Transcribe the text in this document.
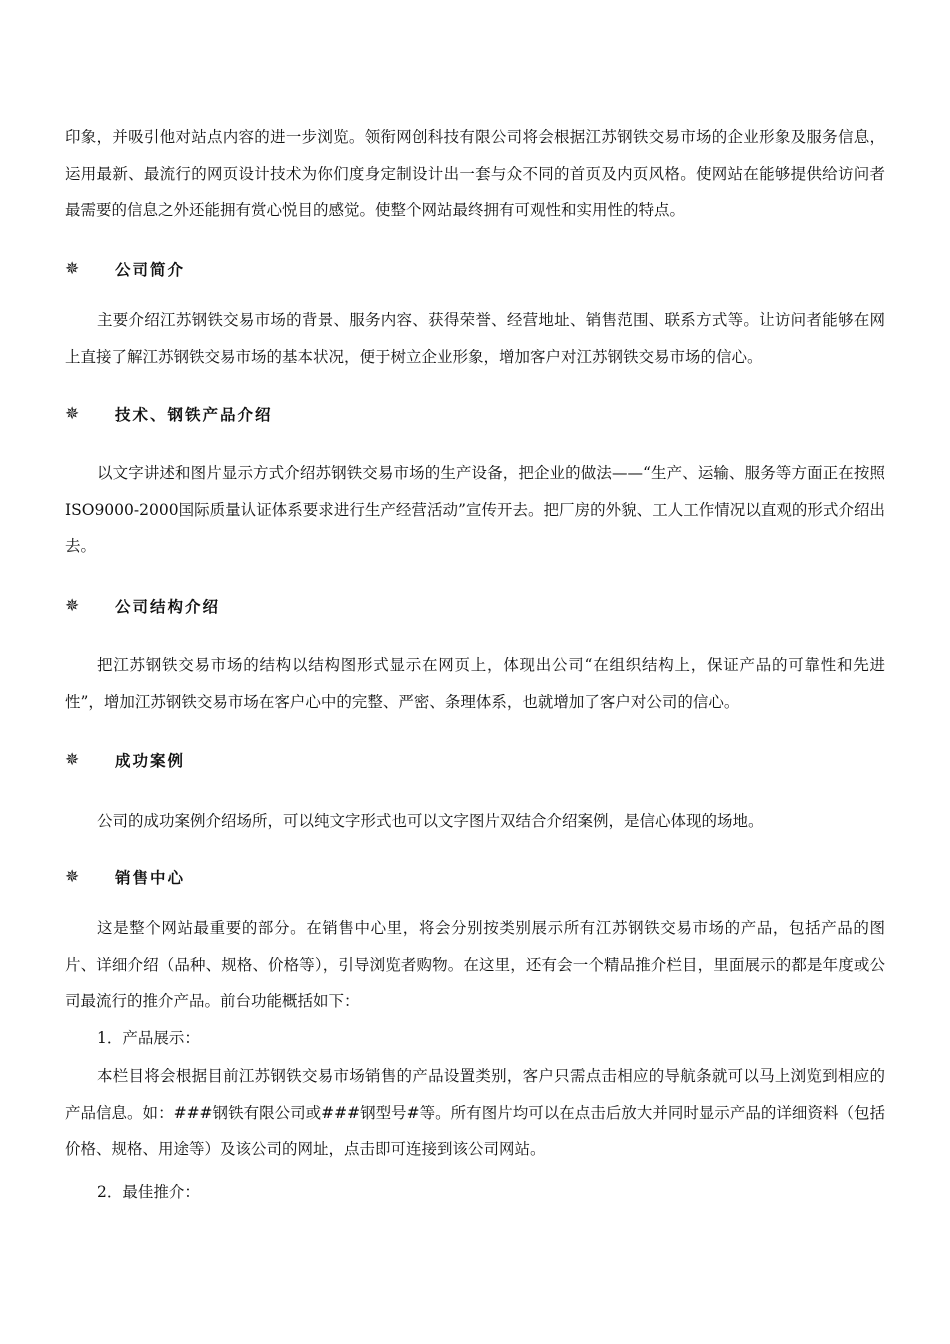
印象，并吸引他对站点内容的进一步浏览。领衔网创科技有限公司将会根据江苏钢铁交易市场的企业形象及服务信息，运用最新、最流行的网页设计技术为你们度身定制设计出一套与众不同的首页及内页风格。使网站在能够提供给访问者最需要的信息之外还能拥有赏心悦目的感觉。使整个网站最终拥有可观性和实用性的特点。

✵	公司简介

主要介绍江苏钢铁交易市场的背景、服务内容、获得荣誉、经营地址、销售范围、联系方式等。让访问者能够在网上直接了解江苏钢铁交易市场的基本状况，便于树立企业形象，增加客户对江苏钢铁交易市场的信心。

✵	技术、钢铁产品介绍

以文字讲述和图片显示方式介绍苏钢铁交易市场的生产设备，把企业的做法——“生产、运输、服务等方面正在按照ISO9000-2000国际质量认证体系要求进行生产经营活动”宣传开去。把厂房的外貌、工人工作情况以直观的形式介绍出去。

✵	公司结构介绍

把江苏钢铁交易市场的结构以结构图形式显示在网页上，体现出公司“在组织结构上，保证产品的可靠性和先进性”，增加江苏钢铁交易市场在客户心中的完整、严密、条理体系，也就增加了客户对公司的信心。

✵	成功案例

公司的成功案例介绍场所，可以纯文字形式也可以文字图片双结合介绍案例，是信心体现的场地。

✵	销售中心

这是整个网站最重要的部分。在销售中心里，将会分别按类别展示所有江苏钢铁交易市场的产品，包括产品的图片、详细介绍（品种、规格、价格等），引导浏览者购物。在这里，还有会一个精品推介栏目，里面展示的都是年度或公司最流行的推介产品。前台功能概括如下：

1．产品展示：

本栏目将会根据目前江苏钢铁交易市场销售的产品设置类别，客户只需点击相应的导航条就可以马上浏览到相应的产品信息。如：###钢铁有限公司或###钢型号#等。所有图片均可以在点击后放大并同时显示产品的详细资料（包括价格、规格、用途等）及该公司的网址，点击即可连接到该公司网站。

2．最佳推介：
